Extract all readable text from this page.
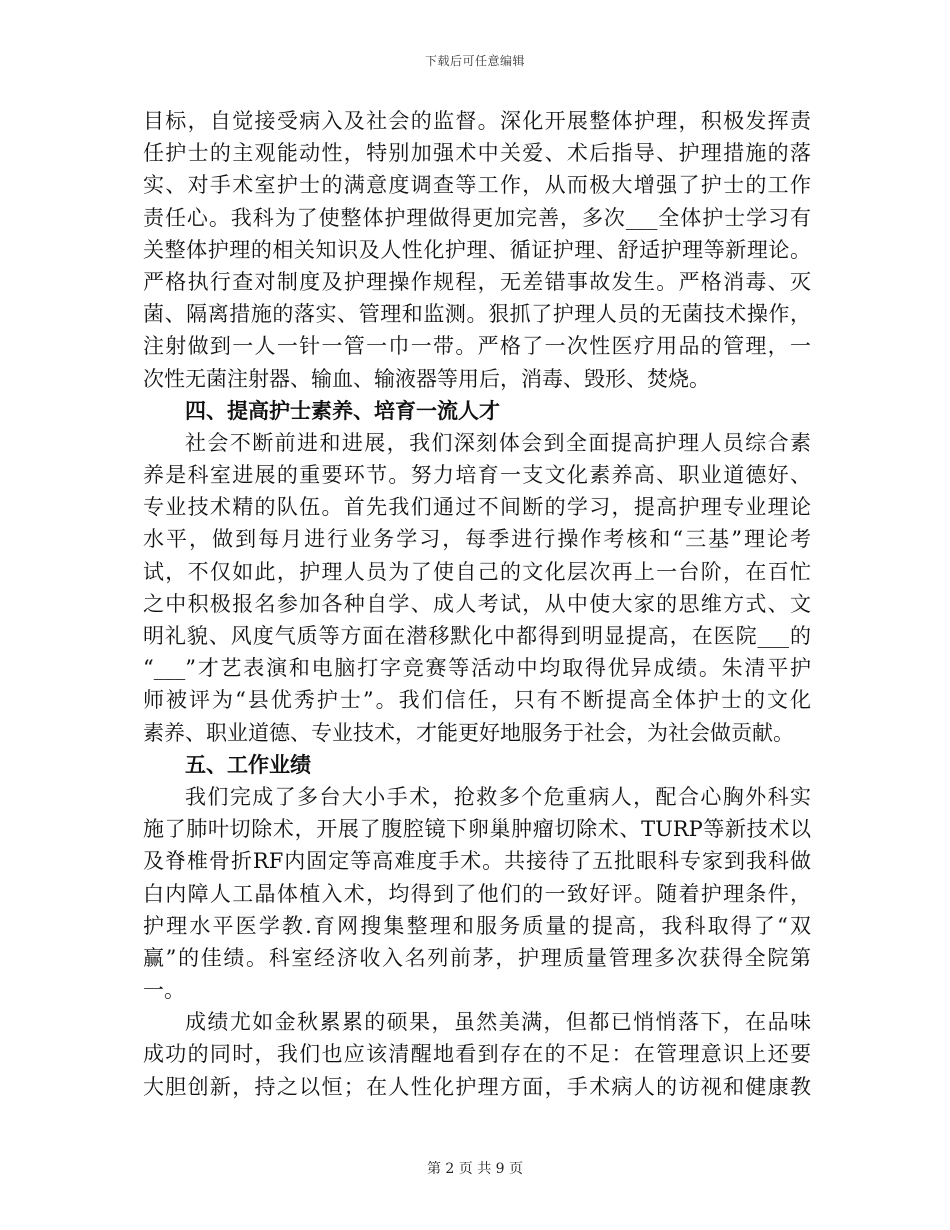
下载后可任意编辑
目标，自觉接受病入及社会的监督。深化开展整体护理，积极发挥责
任护士的主观能动性，特别加强术中关爱、术后指导、护理措施的落
实、对手术室护士的满意度调查等工作，从而极大增强了护士的工作
责任心。我科为了使整体护理做得更加完善，多次___全体护士学习有
关整体护理的相关知识及人性化护理、循证护理、舒适护理等新理论。
严格执行查对制度及护理操作规程，无差错事故发生。严格消毒、灭
菌、隔离措施的落实、管理和监测。狠抓了护理人员的无菌技术操作，
注射做到一人一针一管一巾一带。严格了一次性医疗用品的管理，一
次性无菌注射器、输血、输液器等用后，消毒、毁形、焚烧。
四、提高护士素养、培育一流人才
社会不断前进和进展，我们深刻体会到全面提高护理人员综合素
养是科室进展的重要环节。努力培育一支文化素养高、职业道德好、
专业技术精的队伍。首先我们通过不间断的学习，提高护理专业理论
水平，做到每月进行业务学习，每季进行操作考核和“三基”理论考
试，不仅如此，护理人员为了使自己的文化层次再上一台阶，在百忙
之中积极报名参加各种自学、成人考试，从中使大家的思维方式、文
明礼貌、风度气质等方面在潜移默化中都得到明显提高，在医院___的
“___”才艺表演和电脑打字竞赛等活动中均取得优异成绩。朱清平护
师被评为“县优秀护士”。我们信任，只有不断提高全体护士的文化
素养、职业道德、专业技术，才能更好地服务于社会，为社会做贡献。
五、工作业绩
我们完成了多台大小手术，抢救多个危重病人，配合心胸外科实
施了肺叶切除术，开展了腹腔镜下卵巢肿瘤切除术、TURP等新技术以
及脊椎骨折RF内固定等高难度手术。共接待了五批眼科专家到我科做
白内障人工晶体植入术，均得到了他们的一致好评。随着护理条件，
护理水平医学教.育网搜集整理和服务质量的提高，我科取得了“双
赢”的佳绩。科室经济收入名列前茅，护理质量管理多次获得全院第
一。
成绩尤如金秋累累的硕果，虽然美满，但都已悄悄落下，在品味
成功的同时，我们也应该清醒地看到存在的不足：在管理意识上还要
大胆创新，持之以恒；在人性化护理方面，手术病人的访视和健康教
第 2 页 共 9 页
